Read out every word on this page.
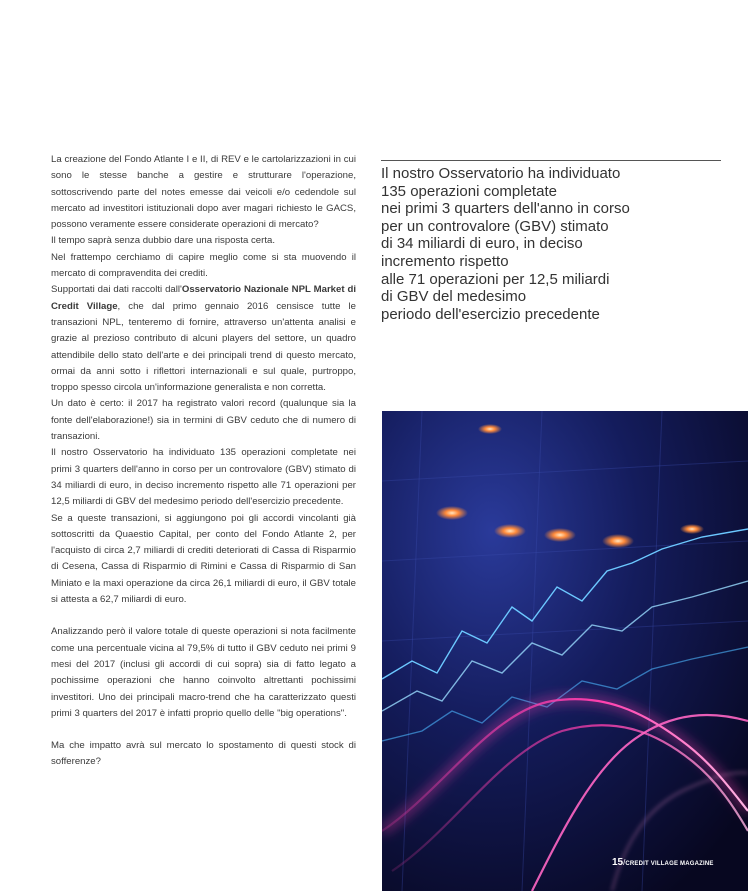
La creazione del Fondo Atlante I e II, di REV e le cartolarizzazioni in cui sono le stesse banche a gestire e strutturare l'operazione, sottoscrivendo parte del notes emesse dai veicoli e/o cedendole sul mercato ad investitori istituzionali dopo aver magari richiesto le GACS, possono veramente essere considerate operazioni di mercato?

Il tempo saprà senza dubbio dare una risposta certa.

Nel frattempo cerchiamo di capire meglio come si sta muovendo il mercato di compravendita dei crediti.

Supportati dai dati raccolti dall'Osservatorio Nazionale NPL Market di Credit Village, che dal primo gennaio 2016 censisce tutte le transazioni NPL, tenteremo di fornire, attraverso un'attenta analisi e grazie al prezioso contributo di alcuni players del settore, un quadro attendibile dello stato dell'arte e dei principali trend di questo mercato, ormai da anni sotto i riflettori internazionali e sul quale, purtroppo, troppo spesso circola un'informazione generalista e non corretta.

Un dato è certo: il 2017 ha registrato valori record (qualunque sia la fonte dell'elaborazione!) sia in termini di GBV ceduto che di numero di transazioni.

Il nostro Osservatorio ha individuato 135 operazioni completate nei primi 3 quarters dell'anno in corso per un controvalore (GBV) stimato di 34 miliardi di euro, in deciso incremento rispetto alle 71 operazioni per 12,5 miliardi di GBV del medesimo periodo dell'esercizio precedente.

Se a queste transazioni, si aggiungono poi gli accordi vincolanti già sottoscritti da Quaestio Capital, per conto del Fondo Atlante 2, per l'acquisto di circa 2,7 miliardi di crediti deteriorati di Cassa di Risparmio di Cesena, Cassa di Risparmio di Rimini e Cassa di Risparmio di San Miniato e la maxi operazione da circa 26,1 miliardi di euro, il GBV totale si attesta a 62,7 miliardi di euro.

Analizzando però il valore totale di queste operazioni si nota facilmente come una percentuale vicina al 79,5% di tutto il GBV ceduto nei primi 9 mesi del 2017 (inclusi gli accordi di cui sopra) sia di fatto legato a pochissime operazioni che hanno coinvolto altrettanti pochissimi investitori. Uno dei principali macro-trend che ha caratterizzato questi primi 3 quarters del 2017 è infatti proprio quello delle "big operations".

Ma che impatto avrà sul mercato lo spostamento di questi stock di sofferenze?

Il nostro Osservatorio ha individuato
135 operazioni completate
nei primi 3 quarters dell'anno in corso
per un controvalore (GBV) stimato
di 34 miliardi di euro, in deciso
incremento rispetto
alle 71 operazioni per 12,5 miliardi
di GBV del medesimo
periodo dell'esercizio precedente
15/CREDIT VILLAGE MAGAZINE
